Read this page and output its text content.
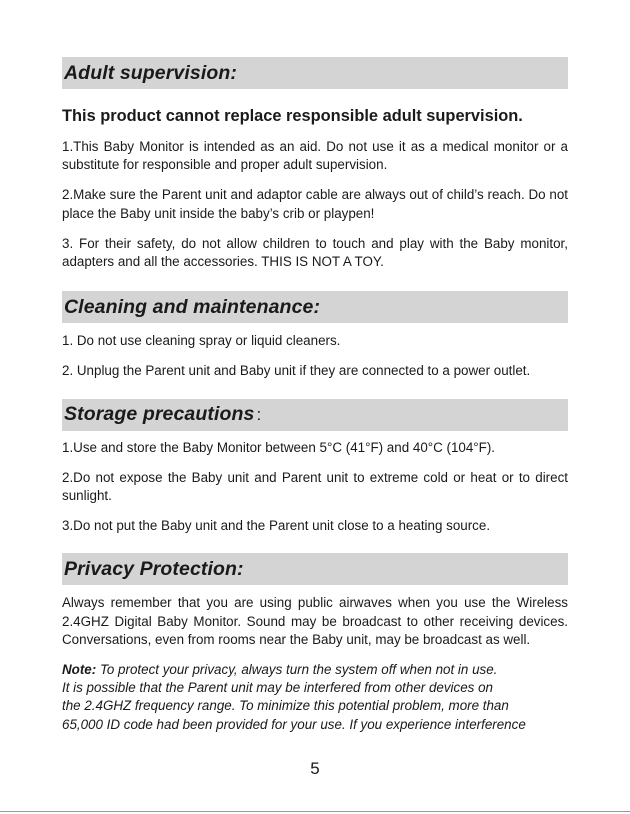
Adult supervision:
This product cannot replace responsible adult supervision.

1.This Baby Monitor is intended as an aid. Do not use it as a medical monitor or a substitute for responsible and proper adult supervision.

2.Make sure the Parent unit and adaptor cable are always out of child’s reach. Do not place the Baby unit inside the baby’s crib or playpen!

3. For their safety, do not allow children to touch and play with the Baby monitor, adapters and all the accessories. THIS IS NOT A TOY.

Cleaning and maintenance:

1. Do not use cleaning spray or liquid cleaners.

2. Unplug the Parent unit and Baby unit if they are connected to a power outlet.

Storage precautions :

1.Use and store the Baby Monitor between 5°C (41°F) and 40°C (104°F).

2.Do not expose the Baby unit and Parent unit to extreme cold or heat or to direct sunlight.

3.Do not put the Baby unit and the Parent unit close to a heating source.

Privacy Protection:

Always remember that you are using public airwaves when you use the Wireless 2.4GHZ Digital Baby Monitor. Sound may be broadcast to other receiving devices. Conversations, even from rooms near the Baby unit, may be broadcast as well.

Note: To protect your privacy, always turn the system off when not in use.
It is possible that the Parent unit may be interfered from other devices on
the 2.4GHZ frequency range. To minimize this potential problem, more than
65,000 ID code had been provided for your use. If you experience interference

5
